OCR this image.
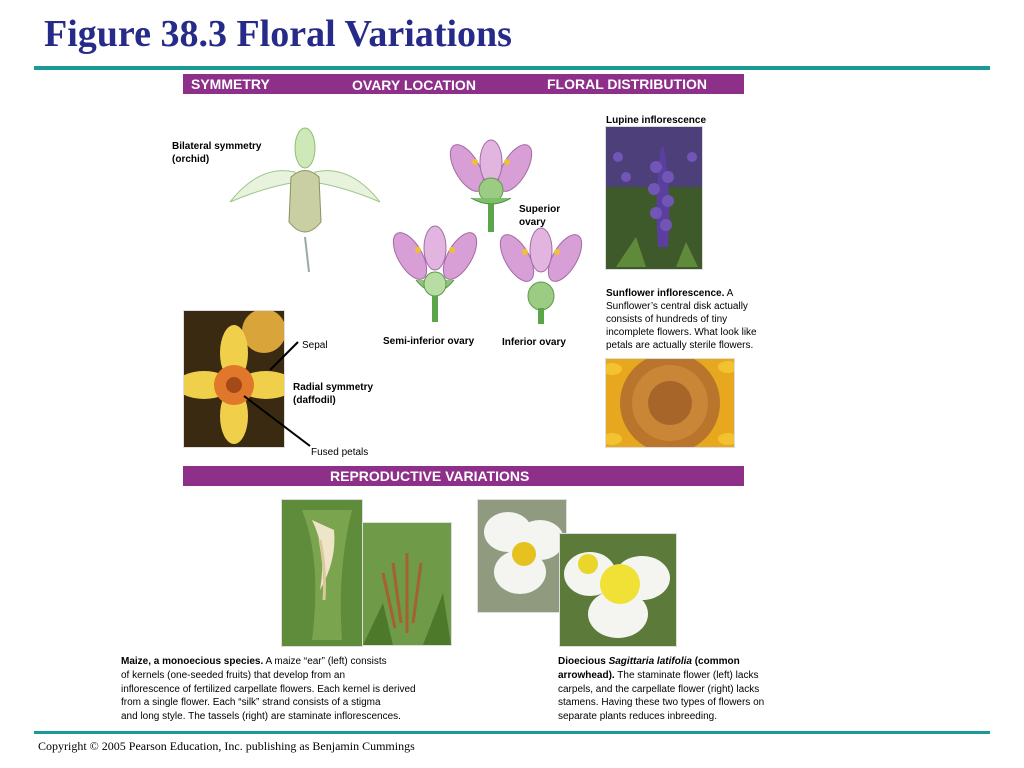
Figure 38.3 Floral Variations
SYMMETRY	OVARY LOCATION	FLORAL DISTRIBUTION
Bilateral symmetry
(orchid)
Sepal
Radial symmetry
(daffodil)
Fused petals
Superior
ovary
Semi-inferior ovary	Inferior ovary
Lupine inflorescence
Sunflower inflorescence. A
Sunflower’s central disk actually
consists of hundreds of tiny
incomplete flowers. What look like
petals are actually sterile flowers.
REPRODUCTIVE VARIATIONS
Maize, a monoecious species. A maize “ear” (left) consists
of kernels (one-seeded fruits) that develop from an
inflorescence of fertilized carpellate flowers. Each kernel is derived
from a single flower. Each “silk” strand consists of a stigma
and long style. The tassels (right) are staminate inflorescences.
Dioecious Sagittaria latifolia (common
arrowhead). The staminate flower (left) lacks
carpels, and the carpellate flower (right) lacks
stamens. Having these two types of flowers on
separate plants reduces inbreeding.
Copyright © 2005 Pearson Education, Inc. publishing as Benjamin Cummings
